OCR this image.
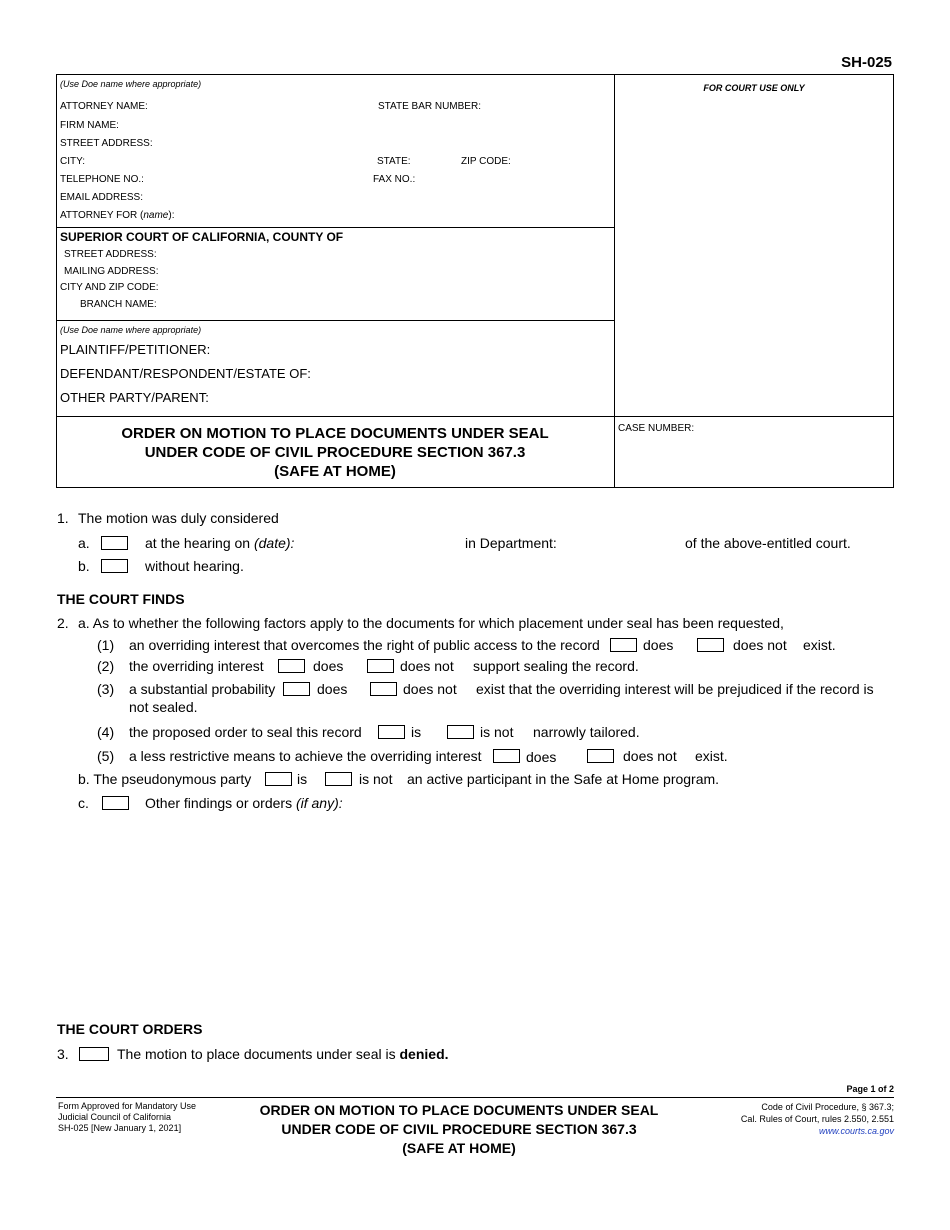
SH-025
(Use Doe name where appropriate)
ATTORNEY NAME:	STATE BAR NUMBER:
FIRM NAME:
STREET ADDRESS:
CITY:	STATE:	ZIP CODE:
TELEPHONE NO.:	FAX NO.:
EMAIL ADDRESS:
ATTORNEY FOR (name):
FOR COURT USE ONLY
SUPERIOR COURT OF CALIFORNIA, COUNTY OF
STREET ADDRESS:
MAILING ADDRESS:
CITY AND ZIP CODE:
BRANCH NAME:
(Use Doe name where appropriate)
PLAINTIFF/PETITIONER:
DEFENDANT/RESPONDENT/ESTATE OF:
OTHER PARTY/PARENT:
ORDER ON MOTION TO PLACE DOCUMENTS UNDER SEAL
UNDER CODE OF CIVIL PROCEDURE SECTION 367.3
(SAFE AT HOME)
CASE NUMBER:
1. The motion was duly considered
a.	at the hearing on (date):	in Department:	of the above-entitled court.
b.	without hearing.
THE COURT FINDS
2. a. As to whether the following factors apply to the documents for which placement under seal has been requested,
(1) an overriding interest that overcomes the right of public access to the record	does	does not exist.
(2) the overriding interest	does	does not support sealing the record.
(3) a substantial probability	does	does not exist that the overriding interest will be prejudiced if the record is
not sealed.
(4) the proposed order to seal this record	is	is not narrowly tailored.
(5) a less restrictive means to achieve the overriding interest	does	does not exist.
b. The pseudonymous party	is	is not an active participant in the Safe at Home program.
c.	Other findings or orders (if any):
THE COURT ORDERS
3.	The motion to place documents under seal is denied.
Page 1 of 2
Form Approved for Mandatory Use
Judicial Council of California
SH-025 [New January 1, 2021]
ORDER ON MOTION TO PLACE DOCUMENTS UNDER SEAL
UNDER CODE OF CIVIL PROCEDURE SECTION 367.3
(SAFE AT HOME)
Code of Civil Procedure, § 367.3;
Cal. Rules of Court, rules 2.550, 2.551
www.courts.ca.gov
